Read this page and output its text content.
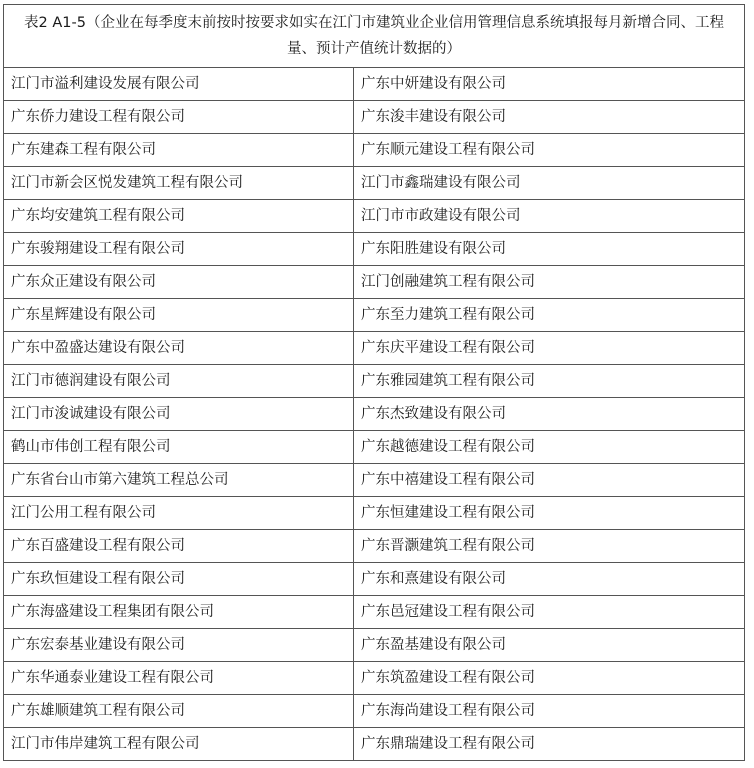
表2 A1-5（企业在每季度末前按时按要求如实在江门市建筑业企业信用管理信息系统填报每月新增合同、工程量、预计产值统计数据的）	
江门市溢利建设发展有限公司	广东中妍建设有限公司
广东侨力建设工程有限公司	广东浚丰建设有限公司
广东建森工程有限公司	广东顺元建设工程有限公司
江门市新会区悦发建筑工程有限公司	江门市鑫瑞建设有限公司
广东均安建筑工程有限公司	江门市市政建设有限公司
广东骏翔建设工程有限公司	广东阳胜建设有限公司
广东众正建设有限公司	江门创融建筑工程有限公司
广东星辉建设有限公司	广东至力建筑工程有限公司
广东中盈盛达建设有限公司	广东庆平建设工程有限公司
江门市德润建设有限公司	广东雅园建筑工程有限公司
江门市浚诚建设有限公司	广东杰致建设有限公司
鹤山市伟创工程有限公司	广东越德建设工程有限公司
广东省台山市第六建筑工程总公司	广东中禧建设工程有限公司
江门公用工程有限公司	广东恒建建设工程有限公司
广东百盛建设工程有限公司	广东晋灏建筑工程有限公司
广东玖恒建设工程有限公司	广东和熹建设有限公司
广东海盛建设工程集团有限公司	广东邑冠建设工程有限公司
广东宏泰基业建设有限公司	广东盈基建设有限公司
广东华通泰业建设工程有限公司	广东筑盈建设工程有限公司
广东雄顺建筑工程有限公司	广东海尚建设工程有限公司
江门市伟岸建筑工程有限公司	广东鼎瑞建设工程有限公司
